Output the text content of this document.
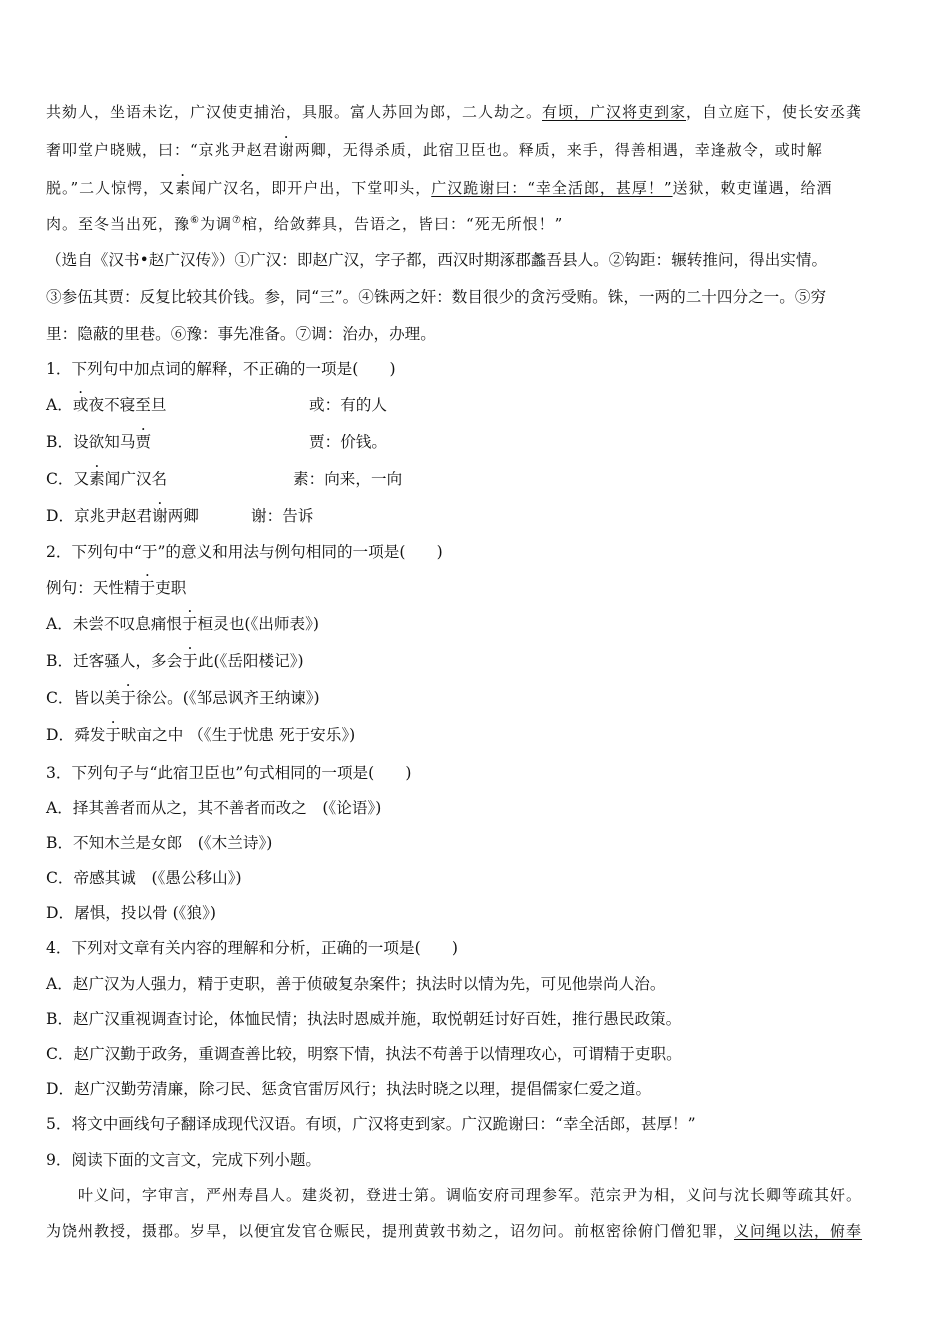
共劾人，坐语未讫，广汉使吏捕治，具服。富人苏回为郎，二人劫之。有顷，广汉将吏到家，自立庭下，使长安丞龚
奢叩堂户晓贼，曰：“京兆尹赵君谢两卿，无得杀质，此宿卫臣也。释质，来手，得善相遇，幸逢赦令，或时解
脱。”二人惊愕，又素闻广汉名，即开户出，下堂叩头，广汉跪谢曰：“幸全活郎，甚厚！”送狱，敕吏谨遇，给酒
肉。至冬当出死，豫⑥为调⑦棺，给敛葬具，告语之，皆曰：“死无所恨！”
（选自《汉书•赵广汉传》）①广汉：即赵广汉，字子都，西汉时期涿郡蠡吾县人。②钩距：辗转推问，得出实情。
③参伍其贾：反复比较其价钱。参，同“三”。④铢两之奸：数目很少的贪污受贿。铢，一两的二十四分之一。⑤穷
里：隐蔽的里巷。⑥豫：事先准备。⑦调：治办，办理。
1．下列句中加点词的解释，不正确的一项是(　　)
A．或夜不寝至旦	或：有的人
B．设欲知马贾	贾：价钱。
C．又素闻广汉名	素：向来，一向
D．京兆尹赵君谢两卿	谢：告诉
2．下列句中“于”的意义和用法与例句相同的一项是(　　)
例句：天性精于吏职
A．未尝不叹息痛恨于桓灵也(《出师表》)
B．迁客骚人，多会于此(《岳阳楼记》)
C．皆以美于徐公。(《邹忌讽齐王纳谏》)
D．舜发于畎亩之中 （《生于忧患 死于安乐》)
3．下列句子与“此宿卫臣也”句式相同的一项是(　　)
A．择其善者而从之，其不善者而改之　(《论语》)
B．不知木兰是女郎　(《木兰诗》)
C．帝感其诚　(《愚公移山》)
D．屠惧，投以骨 (《狼》)
4．下列对文章有关内容的理解和分析，正确的一项是(　　)
A．赵广汉为人强力，精于吏职，善于侦破复杂案件；执法时以情为先，可见他崇尚人治。
B．赵广汉重视调查讨论，体恤民情；执法时恩威并施，取悦朝廷讨好百姓，推行愚民政策。
C．赵广汉勤于政务，重调查善比较，明察下情，执法不苟善于以情理攻心，可谓精于吏职。
D．赵广汉勤劳清廉，除刁民、惩贪官雷厉风行；执法时晓之以理，提倡儒家仁爱之道。
5．将文中画线句子翻译成现代汉语。有顷，广汉将吏到家。广汉跪谢曰：“幸全活郎，甚厚！”
9．阅读下面的文言文，完成下列小题。
叶义问，字审言，严州寿昌人。建炎初，登进士第。调临安府司理参军。范宗尹为相，义问与沈长卿等疏其奸。
为饶州教授，摄郡。岁旱，以便宜发官仓赈民，提刑黄敦书劾之，诏勿问。前枢密徐俯门僧犯罪，义问绳以法，俯奉
